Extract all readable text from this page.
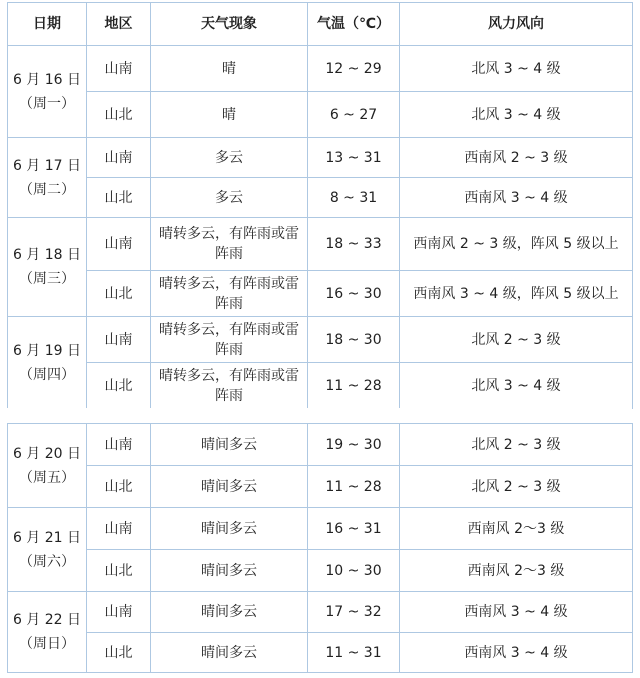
日期	地区	天气现象	气温（℃）	风力风向

6 月 16 日
（周一）	山南	晴	12 ~ 29	北风 3 ~ 4 级
	山北	晴	6 ~ 27	北风 3 ~ 4 级

6 月 17 日
（周二）	山南	多云	13 ~ 31	西南风 2 ~ 3 级
	山北	多云	8 ~ 31	西南风 3 ~ 4 级

6 月 18 日
（周三）	山南	晴转多云，有阵雨或雷阵雨	18 ~ 33	西南风 2 ~ 3 级，阵风 5 级以上
	山北	晴转多云，有阵雨或雷阵雨	16 ~ 30	西南风 3 ~ 4 级，阵风 5 级以上

6 月 19 日
（周四）	山南	晴转多云，有阵雨或雷阵雨	18 ~ 30	北风 2 ~ 3 级
	山北	晴转多云，有阵雨或雷阵雨	11 ~ 28	北风 3 ~ 4 级
6 月 20 日
（周五）	山南	晴间多云	19 ~ 30	北风 2 ~ 3 级
	山北	晴间多云	11 ~ 28	北风 2 ~ 3 级

6 月 21 日
（周六）	山南	晴间多云	16 ~ 31	西南风 2～3 级
	山北	晴间多云	10 ~ 30	西南风 2～3 级

6 月 22 日
（周日）	山南	晴间多云	17 ~ 32	西南风 3 ~ 4 级
	山北	晴间多云	11 ~ 31	西南风 3 ~ 4 级
